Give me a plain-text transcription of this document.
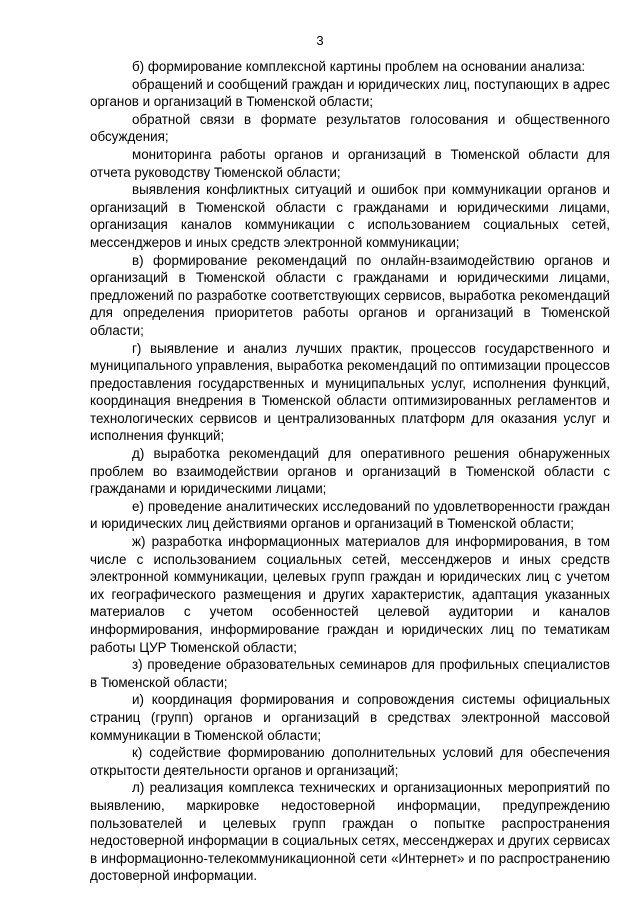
3

б) формирование комплексной картины проблем на основании анализа:

обращений и сообщений граждан и юридических лиц, поступающих в адрес органов и организаций в Тюменской области;

обратной связи в формате результатов голосования и общественного обсуждения;

мониторинга работы органов и организаций в Тюменской области для отчета руководству Тюменской области;

выявления конфликтных ситуаций и ошибок при коммуникации органов и организаций в Тюменской области с гражданами и юридическими лицами, организация каналов коммуникации с использованием социальных сетей, мессенджеров и иных средств электронной коммуникации;

в) формирование рекомендаций по онлайн-взаимодействию органов и организаций в Тюменской области с гражданами и юридическими лицами, предложений по разработке соответствующих сервисов, выработка рекомендаций для определения приоритетов работы органов и организаций в Тюменской области;

г) выявление и анализ лучших практик, процессов государственного и муниципального управления, выработка рекомендаций по оптимизации процессов предоставления государственных и муниципальных услуг, исполнения функций, координация внедрения в Тюменской области оптимизированных регламентов и технологических сервисов и централизованных платформ для оказания услуг и исполнения функций;

д) выработка рекомендаций для оперативного решения обнаруженных проблем во взаимодействии органов и организаций в Тюменской области с гражданами и юридическими лицами;

е) проведение аналитических исследований по удовлетворенности граждан и юридических лиц действиями органов и организаций в Тюменской области;

ж) разработка информационных материалов для информирования, в том числе с использованием социальных сетей, мессенджеров и иных средств электронной коммуникации, целевых групп граждан и юридических лиц с учетом их географического размещения и других характеристик, адаптация указанных материалов с учетом особенностей целевой аудитории и каналов информирования, информирование граждан и юридических лиц по тематикам работы ЦУР Тюменской области;

з) проведение образовательных семинаров для профильных специалистов в Тюменской области;

и) координация формирования и сопровождения системы официальных страниц (групп) органов и организаций в средствах электронной массовой коммуникации в Тюменской области;

к) содействие формированию дополнительных условий для обеспечения открытости деятельности органов и организаций;

л) реализация комплекса технических и организационных мероприятий по выявлению, маркировке недостоверной информации, предупреждению пользователей и целевых групп граждан о попытке распространения недостоверной информации в социальных сетях, мессенджерах и других сервисах в информационно-телекоммуникационной сети «Интернет» и по распространению достоверной информации.
